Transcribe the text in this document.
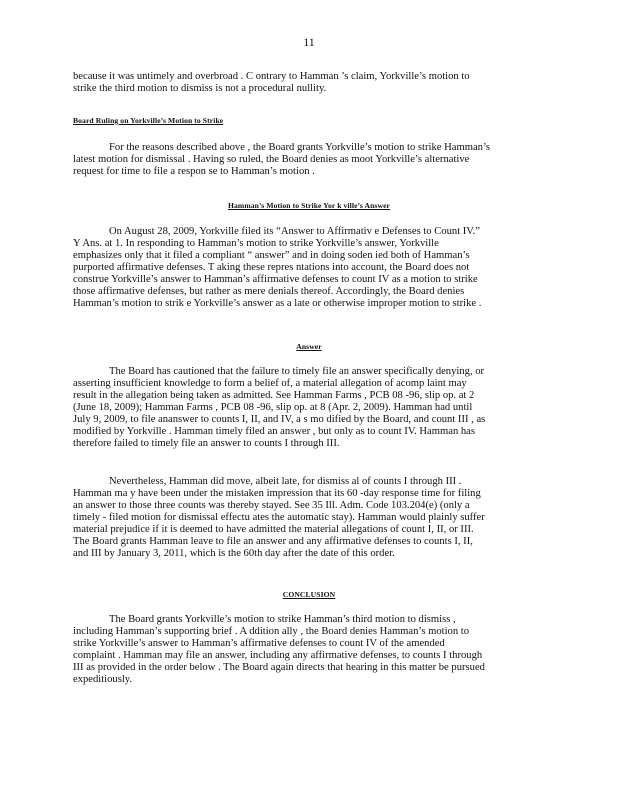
11
because it was untimely and overbroad . C ontrary to Hamman ’s claim, Yorkville’s motion to
strike the third motion to dismiss is not a procedural nullity.
Board Ruling on Yorkville’s Motion to Strike
For the reasons described above , the Board grants Yorkville’s motion to strike Hamman’s
latest motion for dismissal . Having so ruled, the Board denies as moot Yorkville’s alternative
request for time to file a respon se to Hamman’s motion .
Hamman’s Motion to Strike Yor k ville’s Answer
On August 28, 2009, Yorkville filed its “Answer to Affirmativ e Defenses to Count IV.”
Y Ans. at 1. In responding to Hamman’s motion to strike Yorkville’s answer, Yorkville
emphasizes only that it filed a compliant “ answer” and in doing soden ied both of Hamman’s
purported affirmative defenses. T aking these repres ntations into account, the Board does not
construe Yorkville’s answer to Hamman’s affirmative defenses to count IV as a motion to strike
those affirmative defenses, but rather as mere denials thereof. Accordingly, the Board denies
Hamman’s motion to strik e Yorkville’s answer as a late or otherwise improper motion to strike .
Answer
The Board has cautioned that the failure to timely file an answer specifically denying, or
asserting insufficient knowledge to form a belief of, a material allegation of acomp laint may
result in the allegation being taken as admitted. See Hamman Farms , PCB 08 -96, slip op. at 2
(June 18, 2009); Hamman Farms , PCB 08 -96, slip op. at 8 (Apr. 2, 2009). Hamman had until
July 9, 2009, to file ananswer to counts I, II, and IV, a s mo dified by the Board, and count III , as
modified by Yorkville . Hamman timely filed an answer , but only as to count IV. Hamman has
therefore failed to timely file an answer to counts I through III.
Nevertheless, Hamman did move, albeit late, for dismiss al of counts I through III .
Hamman ma y have been under the mistaken impression that its 60 -day response time for filing
an answer to those three counts was thereby stayed. See 35 Ill. Adm. Code 103.204(e) (only a
timely - filed motion for dismissal effectu ates the automatic stay). Hamman would plainly suffer
material prejudice if it is deemed to have admitted the material allegations of count I, II, or III.
The Board grants Hamman leave to file an answer and any affirmative defenses to counts I, II,
and III by January 3, 2011, which is the 60th day after the date of this order.
CONCLUSION
The Board grants Yorkville’s motion to strike Hamman’s third motion to dismiss ,
including Hamman’s supporting brief . A ddition ally , the Board denies Hamman’s motion to
strike Yorkville’s answer to Hamman’s affirmative defenses to count IV of the amended
complaint . Hamman may file an answer, including any affirmative defenses, to counts I through
III as provided in the order below . The Board again directs that hearing in this matter be pursued
expeditiously.
